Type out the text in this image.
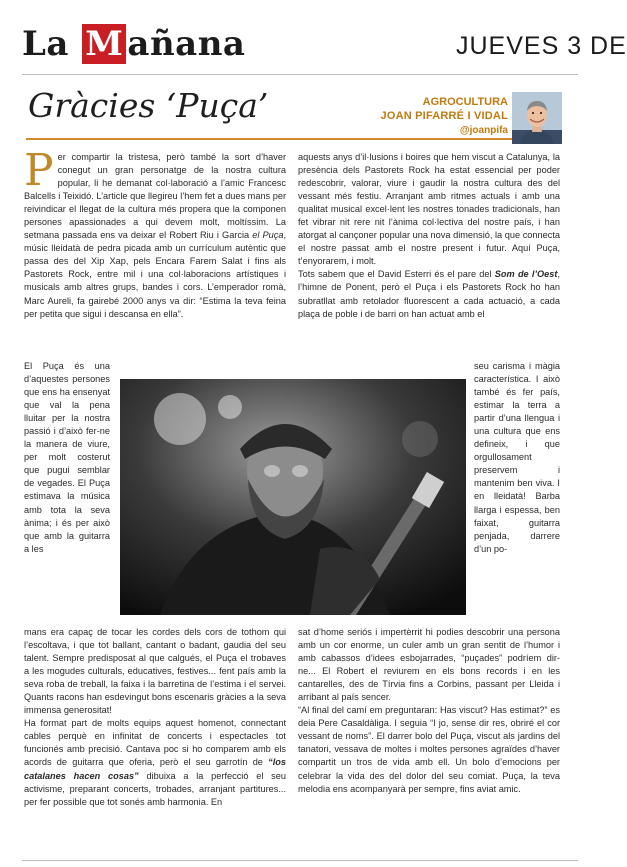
La M añana	JUEVES 3 DE
Gràcies ‘Puça’	AGROCULTURA
JOAN PIFARRÉ I VIDAL
@joanpifa

Per compartir la tristesa, però també la sort d’haver conegut un gran personatge de la nostra cultura popular, li he demanat col·laboració a l’amic Francesc Balcells i Teixidó. L’article que llegireu l’hem fet a dues mans per reivindicar el llegat de la cultura més propera que la componen persones apassionades a qui devem molt, moltíssim. La setmana passada ens va deixar el Robert Riu i Garcia el Puça, músic lleidatà de pedra picada amb un currículum autèntic que passa des del Xip Xap, pels Encara Farem Salat i fins als Pastorets Rock, entre mil i una col·laboracions artístiques i musicals amb altres grups, bandes i cors. L’emperador romà, Marc Aureli, fa gairebé 2000 anys va dir: “Estima la teva feina per petita que sigui i descansa en ella”.

aquests anys d’il·lusions i boires que hem viscut a Catalunya, la presència dels Pastorets Rock ha estat essencial per poder redescobrir, valorar, viure i gaudir la nostra cultura des del vessant més festiu. Arranjant amb ritmes actuals i amb una qualitat musical excel·lent les nostres tonades tradicionals, han fet vibrar nit rere nit l’ànima col·lectiva del nostre país, i han atorgat al cançoner popular una nova dimensió, la que connecta el nostre passat amb el nostre present i futur. Aquí Puça, t’enyorarem, i molt.

Tots sabem que el David Esterri és el pare del Som de l’Oest, l’himne de Ponent, però el Puça i els Pastorets Rock ho han subratllat amb retolador fluorescent a cada actuació, a cada plaça de poble i de barri on han actuat amb el

El Puça és una d’aquestes persones que ens ha ensenyat que val la pena lluitar per la nostra passió i d’això fer-ne la manera de viure, per molt costerut que pugui semblar de vegades. El Puça estimava la música amb tota la seva ànima; i és per això que amb la guitarra a les
seu carisma i màgia característica. I això també és fer país, estimar la terra a partir d’una llengua i una cultura que ens defineix, i que orgullosament preservem i mantenim ben viva. I en lleidatà! Barba llarga i espessa, ben faixat, guitarra penjada, darrere d’un po-

mans era capaç de tocar les cordes dels cors de tothom qui l’escoltava, i que tot ballant, cantant o badant, gaudia del seu talent. Sempre predisposat al que calgués, el Puça el trobaves a les mogudes culturals, educatives, festives... fent país amb la seva roba de treball, la faixa i la barretina de l’estima i el servei. Quants racons han esdevingut bons escenaris gràcies a la seva immensa generositat!

Ha format part de molts equips aquest homenot, connectant cables perquè en infinitat de concerts i espectacles tot funcionés amb precisió. Cantava poc si ho comparem amb els acords de guitarra que oferia, però el seu garrotín de “los catalanes hacen cosas” dibuixa a la perfecció el seu activisme, preparant concerts, trobades, arranjant partitures... per fer possible que tot sonés amb harmonia. En

sat d’home seriós i impertèrrit hi podies descobrir una persona amb un cor enorme, un culer amb un gran sentit de l’humor i amb cabassos d’idees esbojarrades, “puçades” podríem dir-ne... El Robert el reviurem en els bons records i en les cantarelles, des de Tírvia fins a Corbins, passant per Lleida i arribant al país sencer.

“Al final del camí em preguntaran: Has viscut? Has estimat?” es deia Pere Casaldàliga. I seguia “I jo, sense dir res, obriré el cor vessant de noms”. El darrer bolo del Puça, viscut als jardins del tanatori, vessava de moltes i moltes persones agraïdes d’haver compartit un tros de vida amb ell. Un bolo d’emocions per celebrar la vida des del dolor del seu comiat. Puça, la teva melodia ens acompanyarà per sempre, fins aviat amic.
